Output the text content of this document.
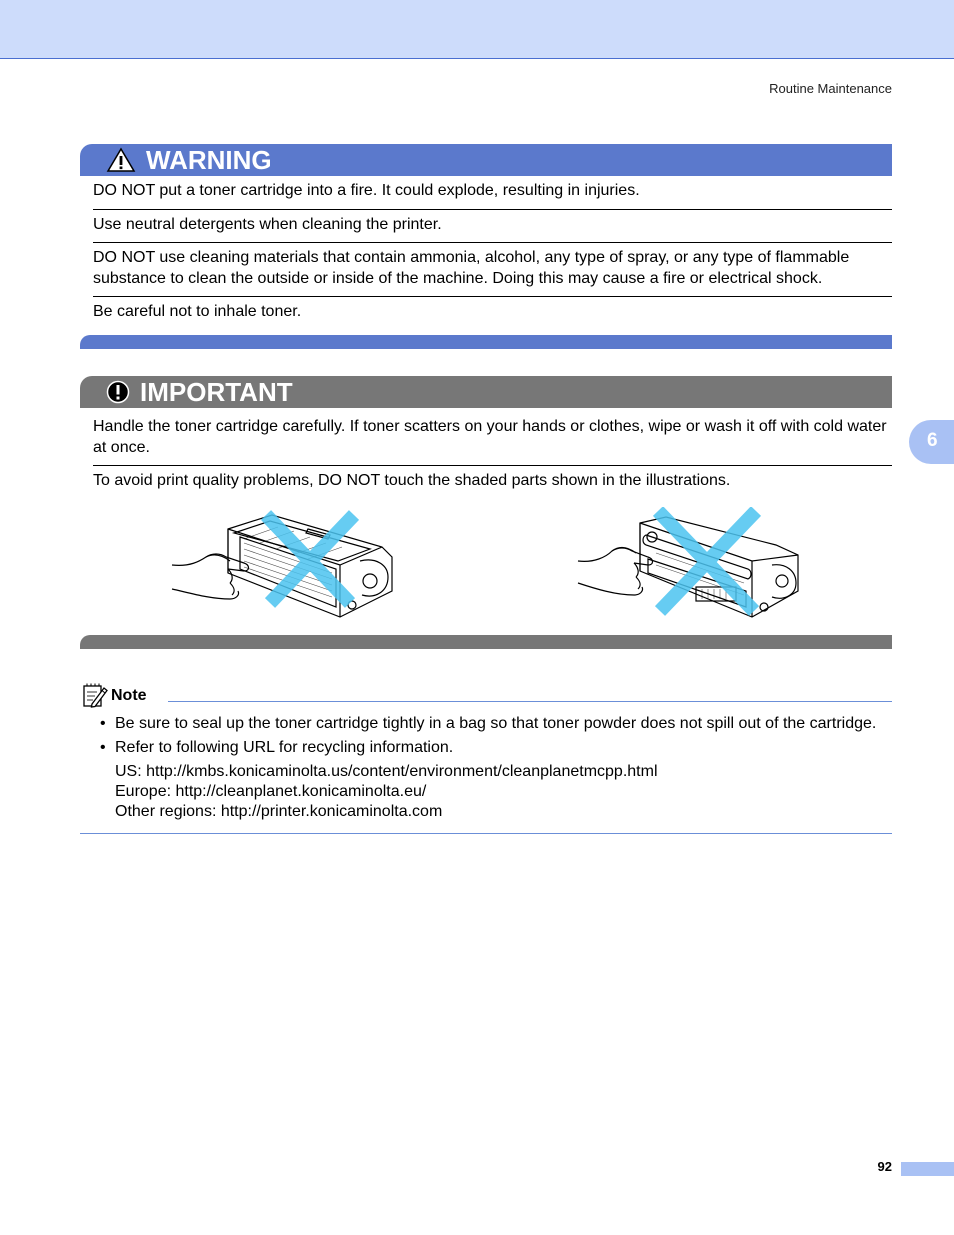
Routine Maintenance
6
WARNING
DO NOT put a toner cartridge into a fire. It could explode, resulting in injuries.
Use neutral detergents when cleaning the printer.
DO NOT use cleaning materials that contain ammonia, alcohol, any type of spray, or any type of flammable substance to clean the outside or inside of the machine. Doing this may cause a fire or electrical shock.
Be careful not to inhale toner.
IMPORTANT
Handle the toner cartridge carefully. If toner scatters on your hands or clothes, wipe or wash it off with cold water at once.
To avoid print quality problems, DO NOT touch the shaded parts shown in the illustrations.
Note
• Be sure to seal up the toner cartridge tightly in a bag so that toner powder does not spill out of the cartridge.
• Refer to following URL for recycling information.
US: http://kmbs.konicaminolta.us/content/environment/cleanplanetmcpp.html
Europe: http://cleanplanet.konicaminolta.eu/
Other regions: http://printer.konicaminolta.com
92
